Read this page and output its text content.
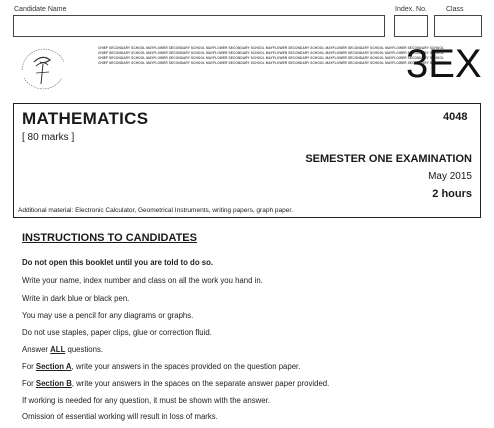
Candidate Name	Index. No.	Class
CHIEF SECONDARY SCHOOL MAYFLOWER SECONDARY SCHOOL MAYFLOWER SECONDARY SCHOOL MAYFLOWER SECONDARY SCHOOL MAYFLOWER SECONDARY SCHOOL MAYFLOWER SECONDARY SCHOOL
CHIEF SECONDARY SCHOOL MAYFLOWER SECONDARY SCHOOL MAYFLOWER SECONDARY SCHOOL MAYFLOWER SECONDARY SCHOOL MAYFLOWER SECONDARY SCHOOL MAYFLOWER SECONDARY SCHOOL
CHIEF SECONDARY SCHOOL MAYFLOWER SECONDARY SCHOOL MAYFLOWER SECONDARY SCHOOL MAYFLOWER SECONDARY SCHOOL MAYFLOWER SECONDARY SCHOOL MAYFLOWER SECONDARY SCHOOL
CHIEF SECONDARY SCHOOL MAYFLOWER SECONDARY SCHOOL MAYFLOWER SECONDARY SCHOOL MAYFLOWER SECONDARY SCHOOL MAYFLOWER SECONDARY SCHOOL MAYFLOWER SECONDARY SCHOOL
3EX
MATHEMATICS	4048
[ 80 marks ]
SEMESTER ONE EXAMINATION
May 2015
2 hours
Additional material: Electronic Calculator, Geometrical Instruments, writing papers, graph paper.
INSTRUCTIONS TO CANDIDATES
Do not open this booklet until you are told to do so.
Write your name, index number and class on all the work you hand in.
Write in dark blue or black pen.
You may use a pencil for any diagrams or graphs.
Do not use staples, paper clips, glue or correction fluid.
Answer ALL questions.
For Section A, write your answers in the spaces provided on the question paper.
For Section B, write your answers in the spaces on the separate answer paper provided.
If working is needed for any question, it must be shown with the answer.
Omission of essential working will result in loss of marks.
